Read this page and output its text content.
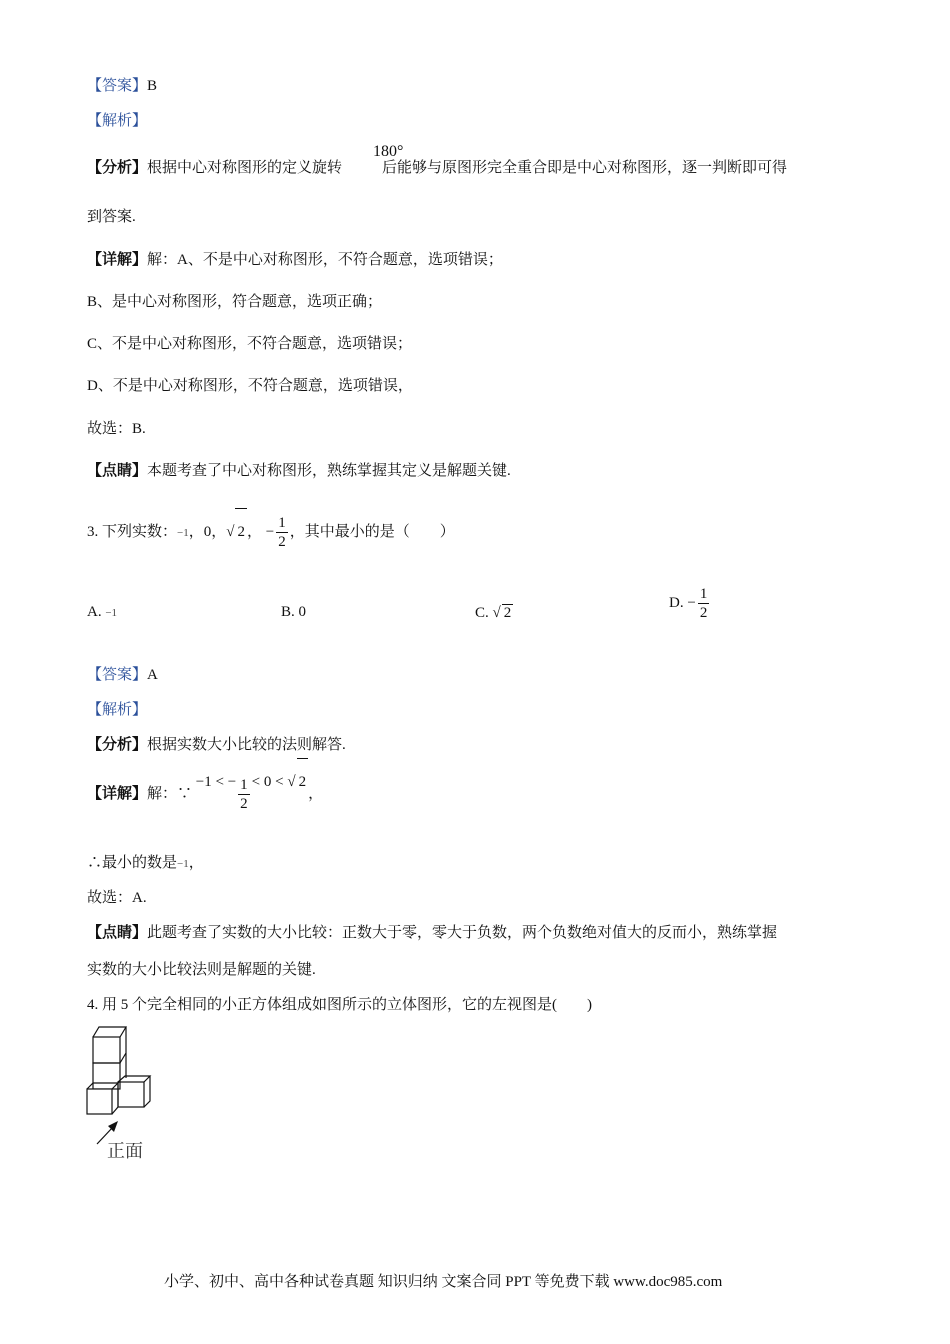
【答案】B
【解析】
【分析】根据中心对称图形的定义旋转	后能够与原图形完全重合即是中心对称图形，逐一判断即可得
180°
到答案.
【详解】解：A、不是中心对称图形，不符合题意，选项错误；
B、是中心对称图形，符合题意，选项正确；
C、不是中心对称图形，不符合题意，选项错误；
D、不是中心对称图形，不符合题意，选项错误，
故选：B.
【点睛】本题考查了中心对称图形，熟练掌握其定义是解题关键.
3. 下列实数：−1，0，√ 2 ， − $\frac{1}{2}$ ，其中最小的是（　　）
A. −1	B. 0	C. √ 2
D. − $\frac{1}{2}$
【答案】A
【解析】
【分析】根据实数大小比较的法则解答.
【详解】解：∵ −1 < − $\frac{1}{2} < 0$ < √ 2，
∴最小的数是−1，
故选：A.
【点睛】此题考查了实数的大小比较：正数大于零，零大于负数，两个负数绝对值大的反而小，熟练掌握
实数的大小比较法则是解题的关键.
4. 用 5 个完全相同的小正方体组成如图所示的立体图形，它的左视图是(　　)
正面
小学、初中、高中各种试卷真题 知识归纳 文案合同 PPT 等免费下载 www.doc985.com
